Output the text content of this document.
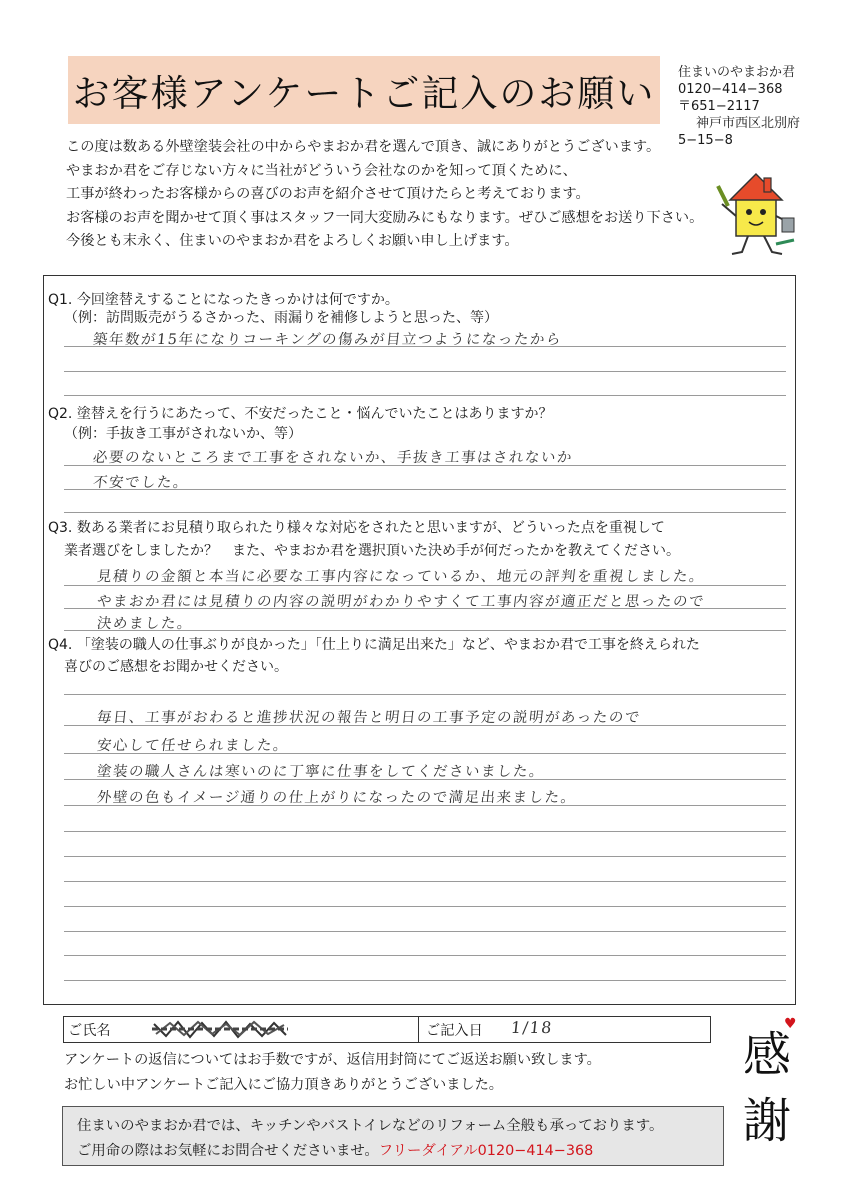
お客様アンケートご記入のお願い 住まいのやまおか君
0120−414−368
〒651−2117
神戸市西区北別府
5−15−8
この度は数ある外壁塗装会社の中からやまおか君を選んで頂き、誠にありがとうございます。
やまおか君をご存じない方々に当社がどういう会社なのかを知って頂くために、
工事が終わったお客様からの喜びのお声を紹介させて頂けたらと考えております。
お客様のお声を聞かせて頂く事はスタッフ一同大変励みにもなります。ぜひご感想をお送り下さい。
今後とも末永く、住まいのやまおか君をよろしくお願い申し上げます。
Q1. 今回塗替えすることになったきっかけは何ですか。
（例：訪問販売がうるさかった、雨漏りを補修しようと思った、等）
築年数が15年になりコーキングの傷みが目立つようになったから
Q2. 塗替えを行うにあたって、不安だったこと・悩んでいたことはありますか？
（例：手抜き工事がされないか、等）
必要のないところまで工事をされないか、手抜き工事はされないか
不安でした。
Q3. 数ある業者にお見積り取られたり様々な対応をされたと思いますが、どういった点を重視して
業者選びをしましたか？　また、やまおか君を選択頂いた決め手が何だったかを教えてください。
見積りの金額と本当に必要な工事内容になっているか、地元の評判を重視しました。
やまおか君には見積りの内容の説明がわかりやすくて工事内容が適正だと思ったので
決めました。
Q4. 「塗装の職人の仕事ぶりが良かった」「仕上りに満足出来た」など、やまおか君で工事を終えられた
喜びのご感想をお聞かせください。
毎日、工事がおわると進捗状況の報告と明日の工事予定の説明があったので
安心して任せられました。
塗装の職人さんは寒いのに丁寧に仕事をしてくださいました。
外壁の色もイメージ通りの仕上がりになったので満足出来ました。
ご氏名	ご記入日 1/18
アンケートの返信についてはお手数ですが、返信用封筒にてご返送お願い致します。
お忙しい中アンケートご記入にご協力頂きありがとうございました。
住まいのやまおか君では、キッチンやバストイレなどのリフォーム全般も承っております。
ご用命の際はお気軽にお問合せくださいませ。フリーダイアル0120−414−368
感
謝
♥
